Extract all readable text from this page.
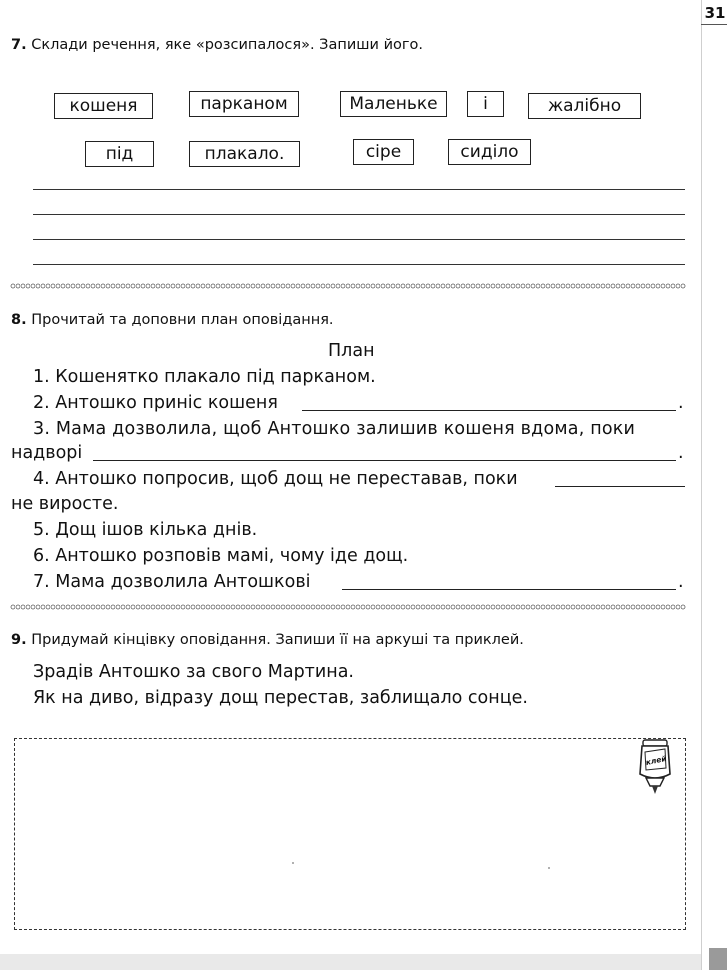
31
7. Склади речення, яке «розсипалося». Запиши його.
кошеня	парканом	Маленьке	і	жалібно
під	плакало.	сіре	сиділо
8. Прочитай та доповни план оповідання.
План
1. Кошенятко плакало під парканом.
2. Антошко приніс кошеня	.
3. Мама дозволила, щоб Антошко залишив кошеня вдома, поки
надворі	.
4. Антошко попросив, щоб дощ не переставав, поки
не виросте.
5. Дощ ішов кілька днів.
6. Антошко розповів мамі, чому іде дощ.
7. Мама дозволила Антошкові	.
9. Придумай кінцівку оповідання. Запиши її на аркуші та приклей.
Зрадів Антошко за свого Мартина.
Як на диво, відразу дощ перестав, заблищало сонце.
клей
